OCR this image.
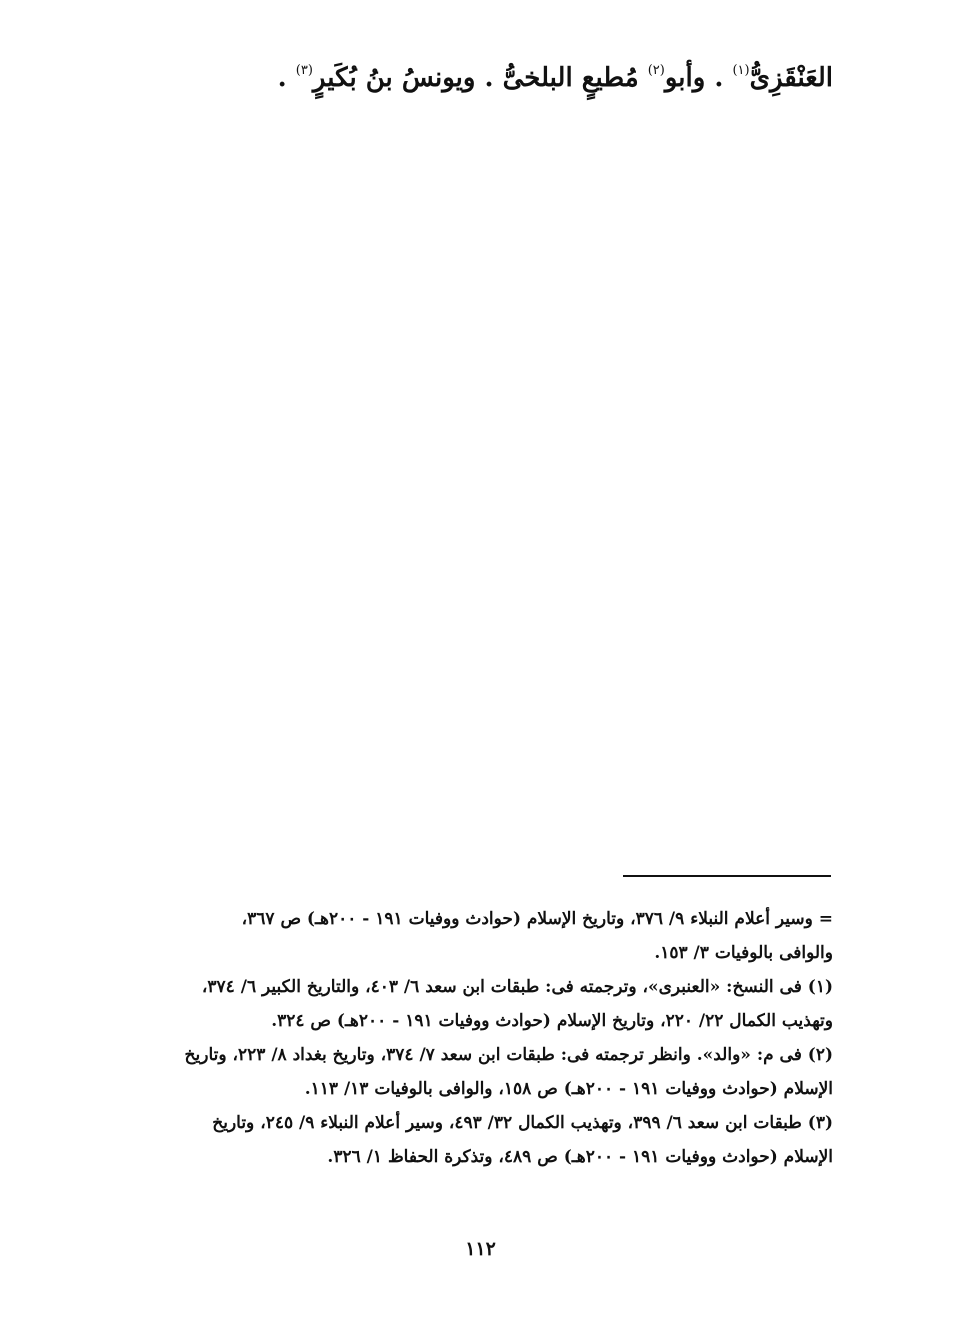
العَنْقَزِىُّ$^{(١)}$ . وأبو$^{(٢)}$ مُطيعٍ البلخىُّ . ويونسُ بنُ بُكَيرٍ$^{(٣)}$ .
= وسير أعلام النبلاء ٩/ ٣٧٦، وتاريخ الإسلام (حوادث ووفيات ١٩١ - ٢٠٠هـ) ص ٣٦٧،
والوافى بالوفيات ٣/ ١٥٣.
(١) فى النسخ: «العنبرى»، وترجمته فى: طبقات ابن سعد ٦/ ٤٠٣، والتاريخ الكبير ٦/ ٣٧٤،
وتهذيب الكمال ٢٢/ ٢٢٠، وتاريخ الإسلام (حوادث ووفيات ١٩١ - ٢٠٠هـ) ص ٣٢٤.
(٢) فى م: «والد». وانظر ترجمته فى: طبقات ابن سعد ٧/ ٣٧٤، وتاريخ بغداد ٨/ ٢٢٣، وتاريخ
الإسلام (حوادث ووفيات ١٩١ - ٢٠٠هـ) ص ١٥٨، والوافى بالوفيات ١٣/ ١١٣.
(٣) طبقات ابن سعد ٦/ ٣٩٩، وتهذيب الكمال ٣٢/ ٤٩٣، وسير أعلام النبلاء ٩/ ٢٤٥، وتاريخ
الإسلام (حوادث ووفيات ١٩١ - ٢٠٠هـ) ص ٤٨٩، وتذكرة الحفاظ ١/ ٣٢٦.
١١٢
